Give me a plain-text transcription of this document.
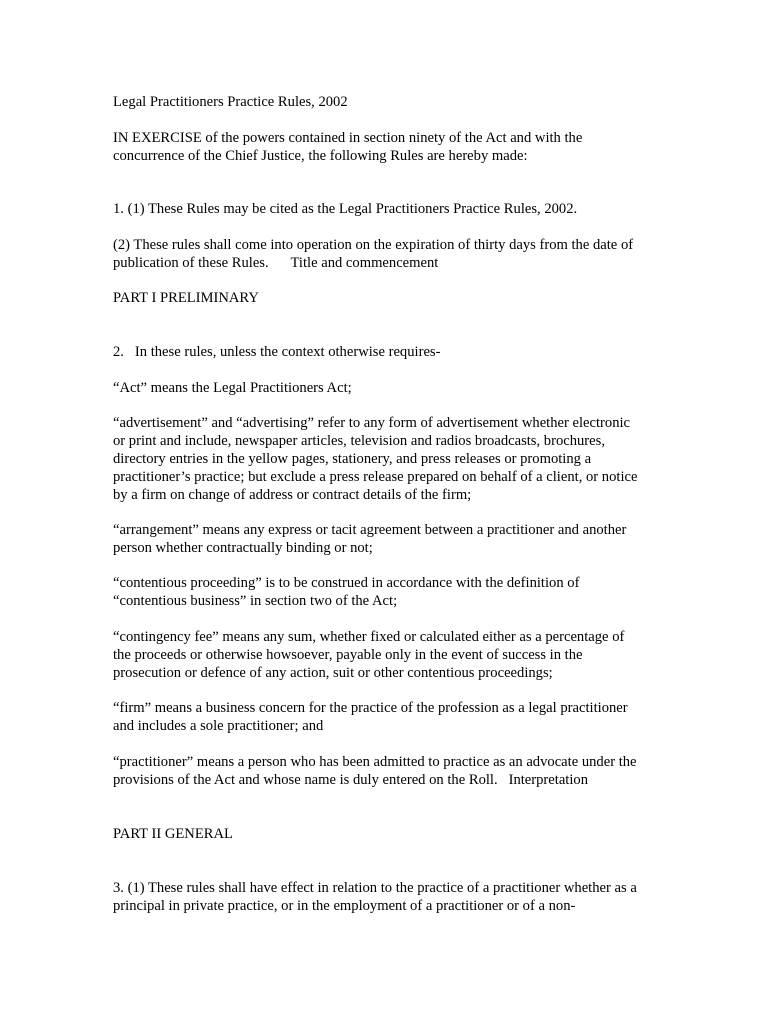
Legal Practitioners Practice Rules, 2002
IN EXERCISE of the powers contained in section ninety of the Act and with the
concurrence of the Chief Justice, the following Rules are hereby made:
1. (1) These Rules may be cited as the Legal Practitioners Practice Rules, 2002.
(2) These rules shall come into operation on the expiration of thirty days from the date of
publication of these Rules.      Title and commencement
PART I PRELIMINARY
2.   In these rules, unless the context otherwise requires-
“Act” means the Legal Practitioners Act;
“advertisement” and “advertising” refer to any form of advertisement whether electronic
or print and include, newspaper articles, television and radios broadcasts, brochures,
directory entries in the yellow pages, stationery, and press releases or promoting a
practitioner’s practice; but exclude a press release prepared on behalf of a client, or notice
by a firm on change of address or contract details of the firm;
“arrangement” means any express or tacit agreement between a practitioner and another
person whether contractually binding or not;
“contentious proceeding” is to be construed in accordance with the definition of
“contentious business” in section two of the Act;
“contingency fee” means any sum, whether fixed or calculated either as a percentage of
the proceeds or otherwise howsoever, payable only in the event of success in the
prosecution or defence of any action, suit or other contentious proceedings;
“firm” means a business concern for the practice of the profession as a legal practitioner
and includes a sole practitioner; and
“practitioner” means a person who has been admitted to practice as an advocate under the
provisions of the Act and whose name is duly entered on the Roll.   Interpretation
PART II GENERAL
3. (1) These rules shall have effect in relation to the practice of a practitioner whether as a
principal in private practice, or in the employment of a practitioner or of a non-
